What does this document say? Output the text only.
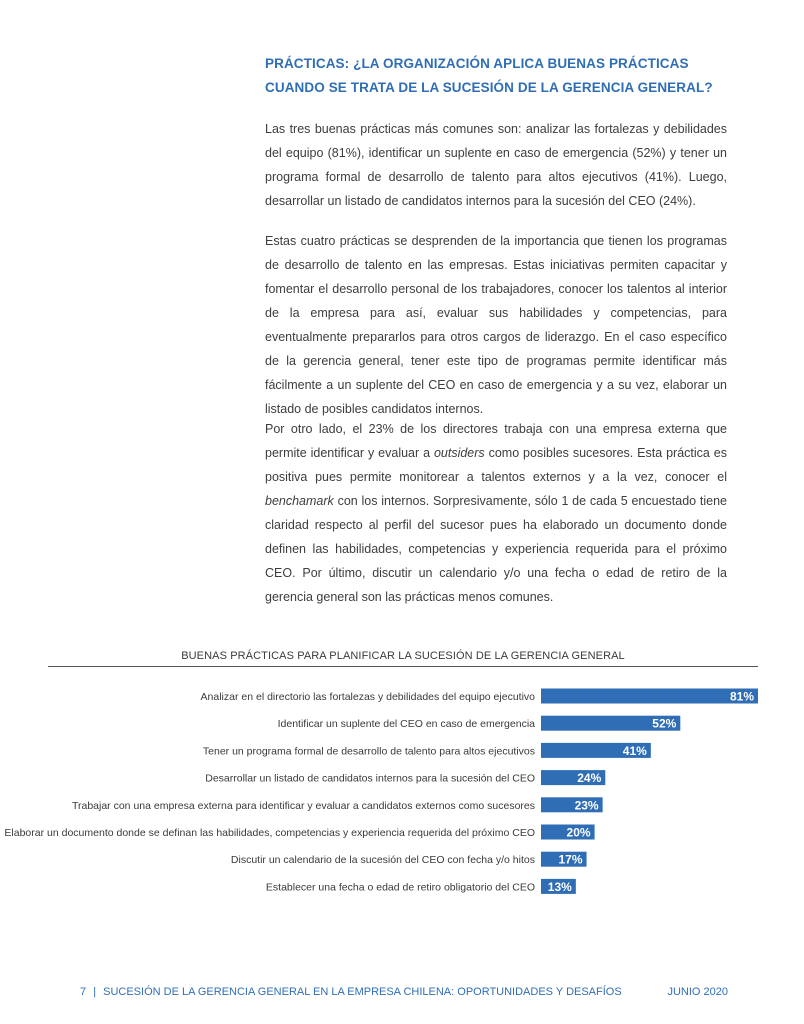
PRÁCTICAS: ¿LA ORGANIZACIÓN APLICA BUENAS PRÁCTICAS CUANDO SE TRATA DE LA SUCESIÓN DE LA GERENCIA GENERAL?

Las tres buenas prácticas más comunes son: analizar las fortalezas y debilidades del equipo (81%), identificar un suplente en caso de emergencia (52%) y tener un programa formal de desarrollo de talento para altos ejecutivos (41%). Luego, desarrollar un listado de candidatos internos para la sucesión del CEO (24%).

Estas cuatro prácticas se desprenden de la importancia que tienen los programas de desarrollo de talento en las empresas. Estas iniciativas permiten capacitar y fomentar el desarrollo personal de los trabajadores, conocer los talentos al interior de la empresa para así, evaluar sus habilidades y competencias, para eventualmente prepararlos para otros cargos de liderazgo. En el caso específico de la gerencia general, tener este tipo de programas permite identificar más fácilmente a un suplente del CEO en caso de emergencia y a su vez, elaborar un listado de posibles candidatos internos.

Por otro lado, el 23% de los directores trabaja con una empresa externa que permite identificar y evaluar a outsiders como posibles sucesores. Esta práctica es positiva pues permite monitorear a talentos externos y a la vez, conocer el benchamark con los internos. Sorpresivamente, sólo 1 de cada 5 encuestado tiene claridad respecto al perfil del sucesor pues ha elaborado un documento donde definen las habilidades, competencias y experiencia requerida para el próximo CEO. Por último, discutir un calendario y/o una fecha o edad de retiro de la gerencia general son las prácticas menos comunes.

BUENAS PRÁCTICAS PARA PLANIFICAR LA SUCESIÓN DE LA GERENCIA GENERAL
Analizar en el directorio las fortalezas y debilidades del equipo ejecutivo	81%
Identificar un suplente del CEO en caso de emergencia	52%
Tener un programa formal de desarrollo de talento para altos ejecutivos	41%
Desarrollar un listado de candidatos internos para la sucesión del CEO	24%
Trabajar con una empresa externa para identificar y evaluar a candidatos externos como sucesores	23%
Elaborar un documento donde se definan las habilidades, competencias y experiencia requerida del próximo CEO	20%
Discutir un calendario de la sucesión del CEO con fecha y/o hitos 17%
Establecer una fecha o edad de retiro obligatorio del CEO 13%
7 | SUCESIÓN DE LA GERENCIA GENERAL EN LA EMPRESA CHILENA: OPORTUNIDADES Y DESAFÍOS	JUNIO 2020
